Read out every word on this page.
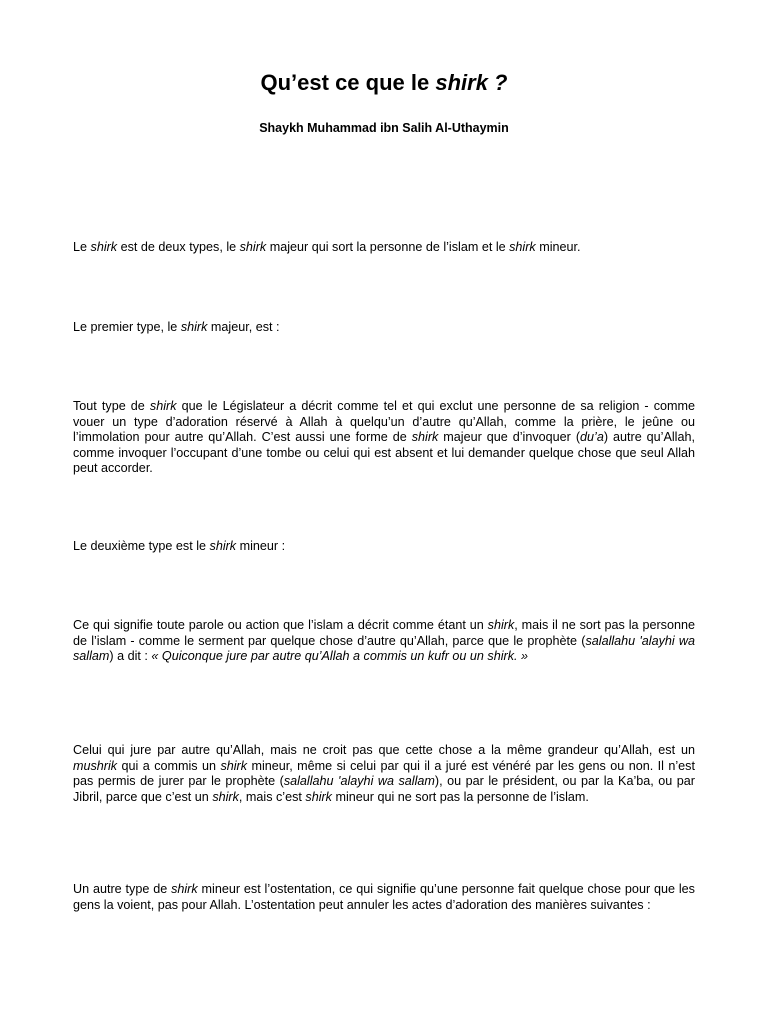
Qu’est ce que le shirk ?
Shaykh Muhammad ibn Salih Al-Uthaymin

Le shirk est de deux types, le shirk majeur qui sort la personne de l’islam et le shirk mineur.

Le premier type, le shirk majeur, est :

Tout type de shirk que le Législateur a décrit comme tel et qui exclut une personne de sa religion - comme vouer un type d’adoration réservé à Allah à quelqu’un d’autre qu’Allah, comme la prière, le jeûne ou l’immolation pour autre qu’Allah. C’est aussi une forme de shirk majeur que d’invoquer (du’a) autre qu’Allah, comme invoquer l’occupant d’une tombe ou celui qui est absent et lui demander quelque chose que seul Allah peut accorder.

Le deuxième type est le shirk mineur :

Ce qui signifie toute parole ou action que l’islam a décrit comme étant un shirk, mais il ne sort pas la personne de l’islam - comme le serment par quelque chose d’autre qu’Allah, parce que le prophète (salallahu 'alayhi wa sallam) a dit : « Quiconque jure par autre qu’Allah a commis un kufr ou un shirk. »

Celui qui jure par autre qu’Allah, mais ne croit pas que cette chose a la même grandeur qu’Allah, est un mushrik qui a commis un shirk mineur, même si celui par qui il a juré est vénéré par les gens ou non. Il n’est pas permis de jurer par le prophète (salallahu 'alayhi wa sallam), ou par le président, ou par la Ka’ba, ou par Jibril, parce que c’est un shirk, mais c’est shirk mineur qui ne sort pas la personne de l’islam.

Un autre type de shirk mineur est l’ostentation, ce qui signifie qu’une personne fait quelque chose pour que les gens la voient, pas pour Allah. L’ostentation peut annuler les actes d’adoration des manières suivantes :
